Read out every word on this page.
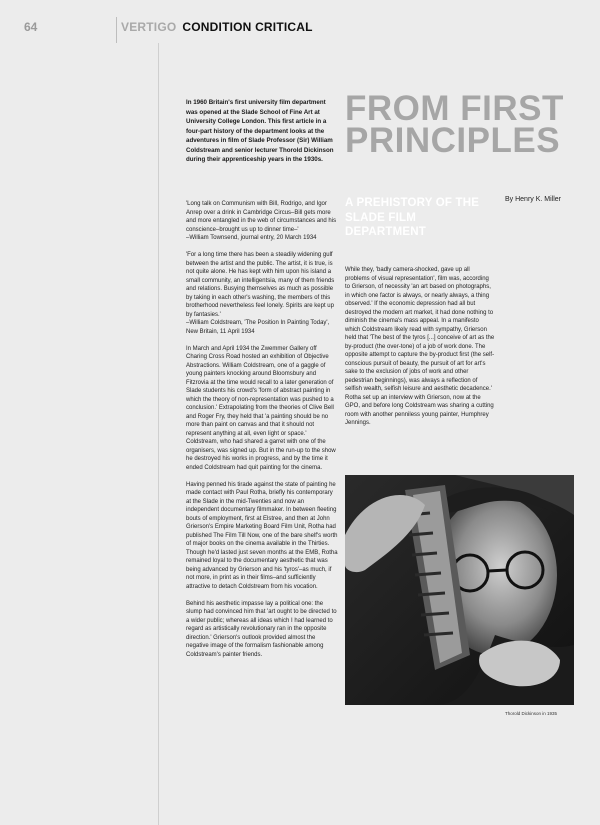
64	VERTIGO CONDITION CRITICAL
In 1960 Britain's first university film department was opened at the Slade School of Fine Art at University College London. This first article in a four-part history of the department looks at the adventures in film of Slade Professor (Sir) William Coldstream and senior lecturer Thorold Dickinson during their apprenticeship years in the 1930s.
FROM FIRST PRINCIPLES
A PREHISTORY OF THE SLADE FILM DEPARTMENT
By Henry K. Miller

'Long talk on Communism with Bill, Rodrigo, and Igor Anrep over a drink in Cambridge Circus–Bill gets more and more entangled in the web of circumstances and his conscience–brought us up to dinner time–'
–William Townsend, journal entry, 20 March 1934

'For a long time there has been a steadily widening gulf between the artist and the public. The artist, it is true, is not quite alone. He has kept with him upon his island a small community, an intelligentsia, many of them friends and relations. Busying themselves as much as possible by taking in each other's washing, the members of this brotherhood nevertheless feel lonely. Spirits are kept up by fantasies.'
–William Coldstream, 'The Position In Painting Today', New Britain, 11 April 1934

In March and April 1934 the Zwemmer Gallery off Charing Cross Road hosted an exhibition of Objective Abstractions. William Coldstream, one of a gaggle of young painters knocking around Bloomsbury and Fitzrovia at the time would recall to a later generation of Slade students his crowd's 'form of abstract painting in which the theory of non-representation was pushed to a conclusion.' Extrapolating from the theories of Clive Bell and Roger Fry, they held that 'a painting should be no more than paint on canvas and that it should not represent anything at all, even light or space.' Coldstream, who had shared a garret with one of the organisers, was signed up. But in the run-up to the show he destroyed his works in progress, and by the time it ended Coldstream had quit painting for the cinema.

Having penned his tirade against the state of painting he made contact with Paul Rotha, briefly his contemporary at the Slade in the mid-Twenties and now an independent documentary filmmaker. In between fleeting bouts of employment, first at Elstree, and then at John Grierson's Empire Marketing Board Film Unit, Rotha had published The Film Till Now, one of the bare shelf's worth of major books on the cinema available in the Thirties. Though he'd lasted just seven months at the EMB, Rotha remained loyal to the documentary aesthetic that was being advanced by Grierson and his 'tyros'–as much, if not more, in print as in their films–and sufficiently attractive to detach Coldstream from his vocation.

Behind his aesthetic impasse lay a political one: the slump had convinced him that 'art ought to be directed to a wider public; whereas all ideas which I had learned to regard as artistically revolutionary ran in the opposite direction.' Grierson's outlook provided almost the negative image of the formalism fashionable among Coldstream's painter friends.

While they, 'badly camera-shocked, gave up all problems of visual representation', film was, according to Grierson, of necessity 'an art based on photographs, in which one factor is always, or nearly always, a thing observed.' If the economic depression had all but destroyed the modern art market, it had done nothing to diminish the cinema's mass appeal. In a manifesto which Coldstream likely read with sympathy, Grierson held that 'The best of the tyros [...] conceive of art as the by-product (the over-tone) of a job of work done. The opposite attempt to capture the by-product first (the self-conscious pursuit of beauty, the pursuit of art for art's sake to the exclusion of jobs of work and other pedestrian beginnings), was always a reflection of selfish wealth, selfish leisure and aesthetic decadence.' Rotha set up an interview with Grierson, now at the GPO, and before long Coldstream was sharing a cutting room with another penniless young painter, Humphrey Jennings.

Thorold Dickinson in 1935
